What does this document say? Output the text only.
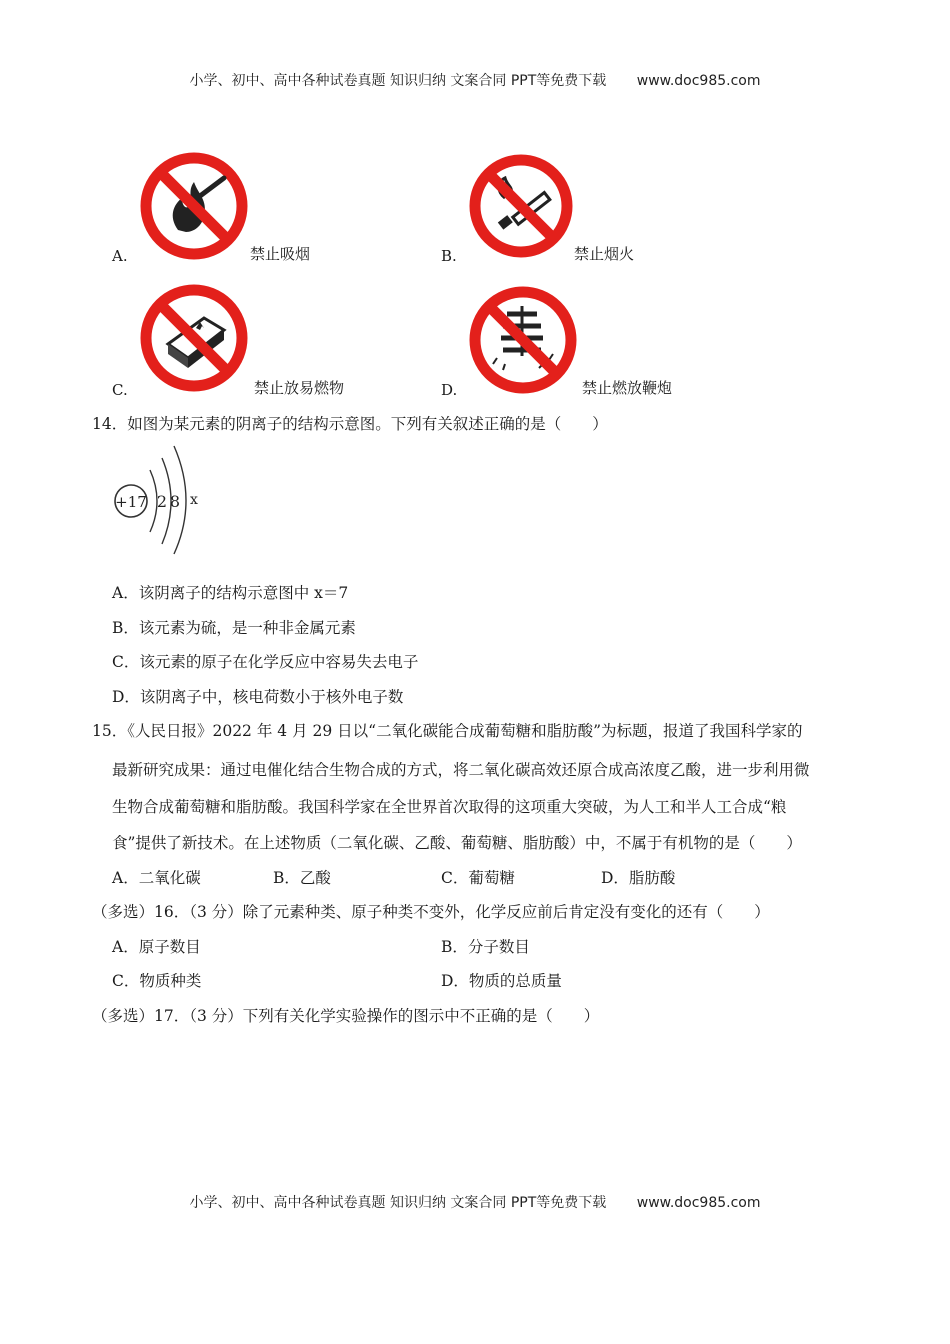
小学、初中、高中各种试卷真题 知识归纳 文案合同 PPT等免费下载 www.doc985.com
A.	禁止吸烟	B.	禁止烟火
C.	禁止放易燃物	D.	禁止燃放鞭炮
14．如图为某元素的阴离子的结构示意图。下列有关叙述正确的是（　　）
+17 2 8 x
A．该阴离子的结构示意图中 x＝7
B．该元素为硫，是一种非金属元素
C．该元素的原子在化学反应中容易失去电子
D．该阴离子中，核电荷数小于核外电子数
15．《人民日报》2022 年 4 月 29 日以“二氧化碳能合成葡萄糖和脂肪酸”为标题，报道了我国科学家的
最新研究成果：通过电催化结合生物合成的方式，将二氧化碳高效还原合成高浓度乙酸，进一步利用微
生物合成葡萄糖和脂肪酸。我国科学家在全世界首次取得的这项重大突破，为人工和半人工合成“粮
食”提供了新技术。在上述物质（二氧化碳、乙酸、葡萄糖、脂肪酸）中，不属于有机物的是（　　）
A．二氧化碳	B．乙酸	C．葡萄糖	D．脂肪酸
（多选）16．（3 分）除了元素种类、原子种类不变外，化学反应前后肯定没有变化的还有（　　）
A．原子数目	B．分子数目
C．物质种类	D．物质的总质量
（多选）17．（3 分）下列有关化学实验操作的图示中不正确的是（　　）
小学、初中、高中各种试卷真题 知识归纳 文案合同 PPT等免费下载 www.doc985.com
